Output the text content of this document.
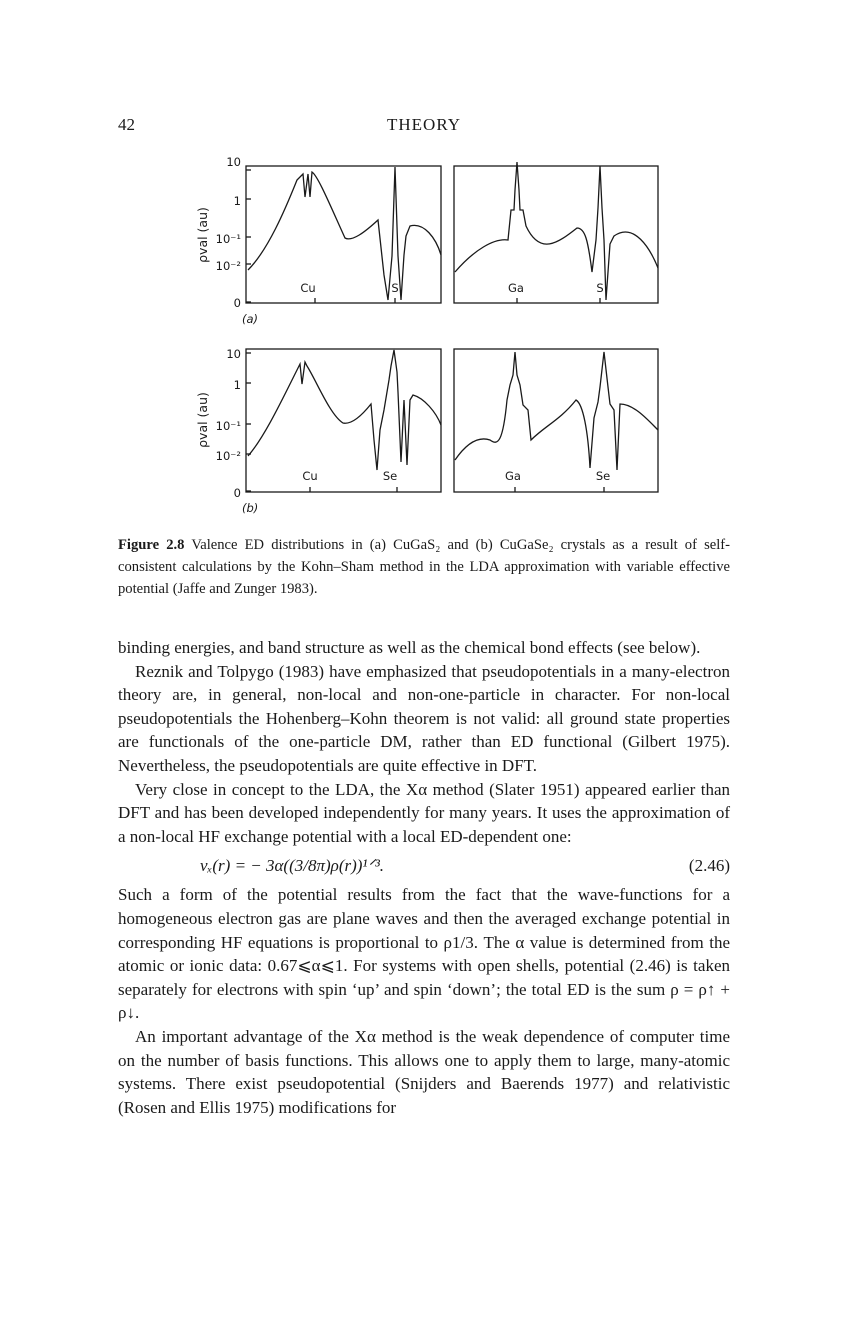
42	THEORY
10
1
10⁻¹
10⁻²
0
Cu	S	Ga	S
(a)
ρval (au)
10
1
10⁻¹
10⁻²
0
Cu	Se	Ga	Se
(b)
ρval (au)
Figure 2.8 Valence ED distributions in (a) CuGaS₂ and (b) CuGaSe₂ crystals as a result of self-consistent calculations by the Kohn–Sham method in the LDA approximation with variable effective potential (Jaffe and Zunger 1983).

binding energies, and band structure as well as the chemical bond effects (see below).

Reznik and Tolpygo (1983) have emphasized that pseudopotentials in a many-electron theory are, in general, non-local and non-one-particle in character. For non-local pseudopotentials the Hohenberg–Kohn theorem is not valid: all ground state properties are functionals of the one-particle DM, rather than ED functional (Gilbert 1975). Nevertheless, the pseudopotentials are quite effective in DFT.

Very close in concept to the LDA, the Xα method (Slater 1951) appeared earlier than DFT and has been developed independently for many years. It uses the approximation of a non-local HF exchange potential with a local ED-dependent one:

vₓ(r) = − 3α((3/8π)ρ(r))¹ᐟ³.	(2.46)

Such a form of the potential results from the fact that the wave-functions for a homogeneous electron gas are plane waves and then the averaged exchange potential in corresponding HF equations is proportional to ρ1/3. The α value is determined from the atomic or ionic data: 0.67⩽α⩽1. For systems with open shells, potential (2.46) is taken separately for electrons with spin ‘up’ and spin ‘down’; the total ED is the sum ρ = ρ↑ + ρ↓.

An important advantage of the Xα method is the weak dependence of computer time on the number of basis functions. This allows one to apply them to large, many-atomic systems. There exist pseudopotential (Snijders and Baerends 1977) and relativistic (Rosen and Ellis 1975) modifications for
